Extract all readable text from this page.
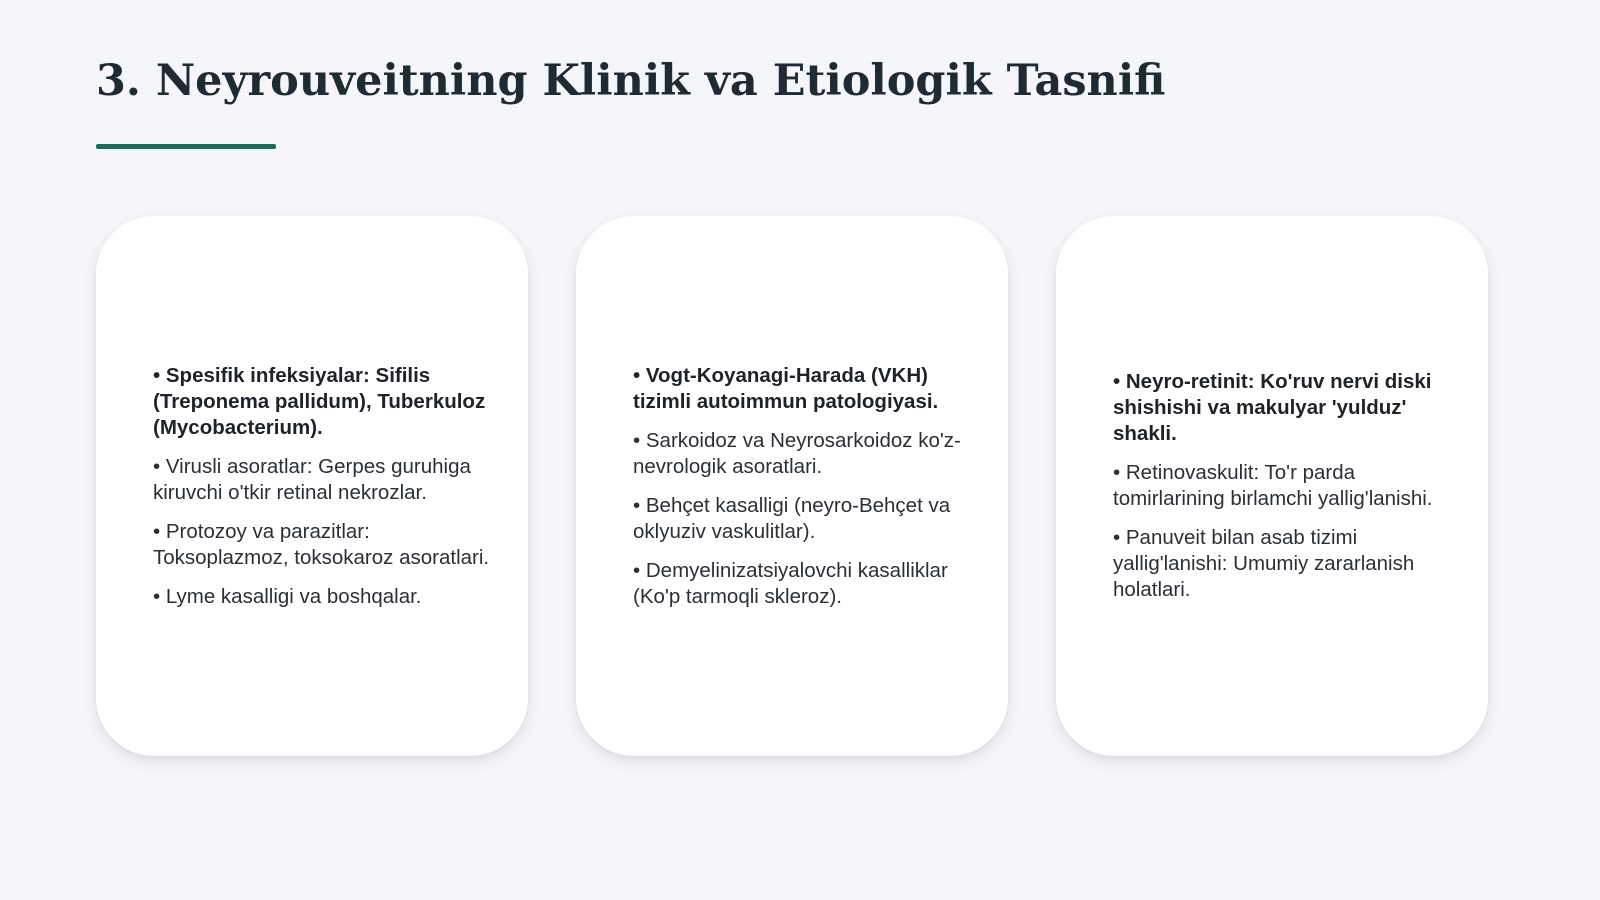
3. Neyrouveitning Klinik va Etiologik Tasnifi
• Spesifik infeksiyalar: Sifilis (Treponema pallidum), Tuberkuloz (Mycobacterium).
• Virusli asoratlar: Gerpes guruhiga kiruvchi o'tkir retinal nekrozlar.
• Protozoy va parazitlar: Toksoplazmoz, toksokaroz asoratlari.
• Lyme kasalligi va boshqalar.
• Vogt-Koyanagi-Harada (VKH) tizimli autoimmun patologiyasi.
• Sarkoidoz va Neyrosarkoidoz ko'z-nevrologik asoratlari.
• Behçet kasalligi (neyro-Behçet va oklyuziv vaskulitlar).
• Demyelinizatsiyalovchi kasalliklar (Ko'p tarmoqli skleroz).
• Neyro-retinit: Ko'ruv nervi diski shishishi va makulyar 'yulduz' shakli.
• Retinovaskulit: To'r parda tomirlarining birlamchi yallig'lanishi.
• Panuveit bilan asab tizimi yallig'lanishi: Umumiy zararlanish holatlari.
